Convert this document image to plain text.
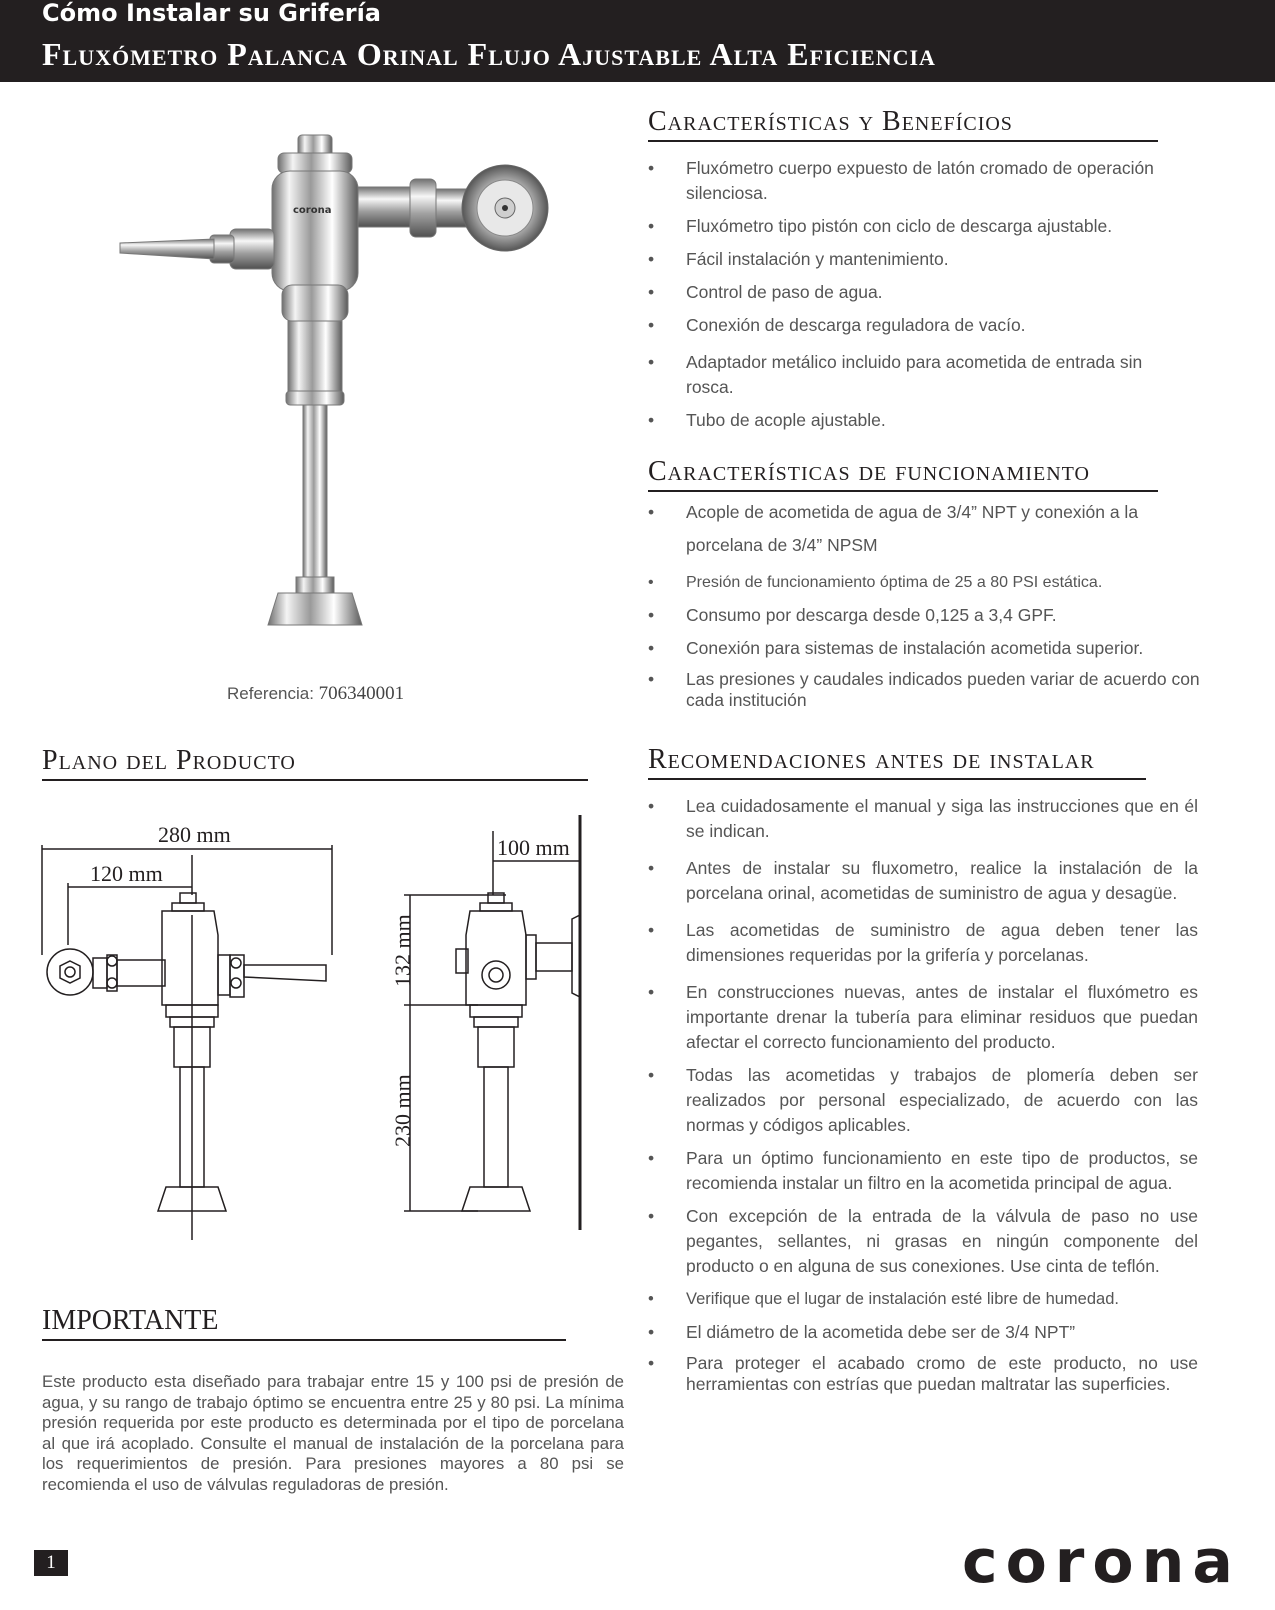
Cómo Instalar su Grifería
Fluxómetro Palanca Orinal Flujo Ajustable Alta Eficiencia
corona
Referencia: 706340001
Características y Benefícios
• Fluxómetro cuerpo expuesto de latón cromado de operación silenciosa.
• Fluxómetro tipo pistón con ciclo de descarga ajustable.
• Fácil instalación y mantenimiento.
• Control de paso de agua.
• Conexión de descarga reguladora de vacío.
• Adaptador metálico incluido para acometida de entrada sin rosca.
• Tubo de acople ajustable.
Características de funcionamiento
• Acople de acometida de agua de 3/4” NPT y conexión a la porcelana de 3/4” NPSM
• Presión de funcionamiento óptima de 25 a 80 PSI estática.
• Consumo por descarga desde 0,125 a 3,4 GPF.
• Conexión para sistemas de instalación acometida superior.
• Las presiones y caudales indicados pueden variar de acuerdo con cada institución
Plano del Producto
280 mm
120 mm
100 mm
132 mm
230 mm
IMPORTANTE
Este producto esta diseñado para trabajar entre 15 y 100 psi de presión de agua, y su rango de trabajo óptimo se encuentra entre 25 y 80 psi. La mínima presión requerida por este producto es determinada por el tipo de porcelana al que irá acoplado. Consulte el manual de instalación de la porcelana para los requerimientos de presión. Para presiones mayores a 80 psi se recomienda el uso de válvulas reguladoras de presión.
Recomendaciones antes de instalar
• Lea cuidadosamente el manual y siga las instrucciones que en él se indican.
• Antes de instalar su fluxometro, realice la instalación de la porcelana orinal, acometidas de suministro de agua y desagüe.
• Las acometidas de suministro de agua deben tener las dimensiones requeridas por la grifería y porcelanas.
• En construcciones nuevas, antes de instalar el fluxómetro es importante drenar la tubería para eliminar residuos que puedan afectar el correcto funcionamiento del producto.
• Todas las acometidas y trabajos de plomería deben ser realizados por personal especializado, de acuerdo con las normas y códigos aplicables.
• Para un óptimo funcionamiento en este tipo de productos, se recomienda instalar un filtro en la acometida principal de agua.
• Con excepción de la entrada de la válvula de paso no use pegantes, sellantes, ni grasas en ningún componente del producto o en alguna de sus conexiones. Use cinta de teflón.
• Verifique que el lugar de instalación esté libre de humedad.
• El diámetro de la acometida debe ser de 3/4 NPT”
• Para proteger el acabado cromo de este producto, no use herramientas con estrías que puedan maltratar las superficies.
1	corona
